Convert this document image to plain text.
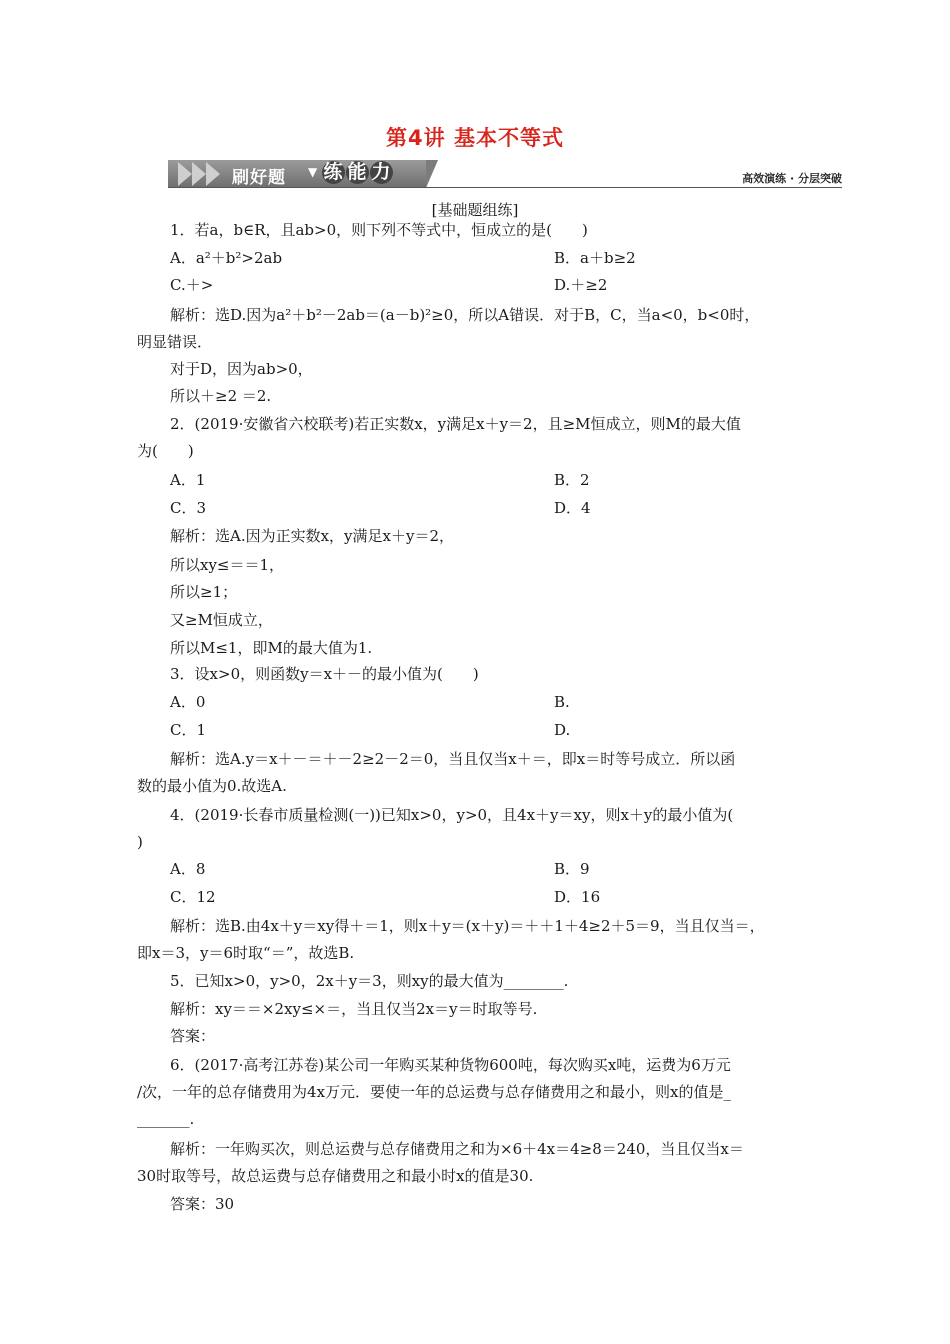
第4讲 基本不等式
刷好题 ▼ 练 能 力	高效演练 · 分层突破
[基础题组练]
1．若a，b∈R，且ab>0，则下列不等式中，恒成立的是(　　)
A．a²＋b²>2ab	B．a＋b≥2
C.＋>	D.＋≥2
解析：选D.因为a²＋b²－2ab＝(a－b)²≥0，所以A错误．对于B，C，当a<0，b<0时，
明显错误．
对于D，因为ab>0，
所以＋≥2 ＝2.
2．(2019·安徽省六校联考)若正实数x，y满足x＋y＝2，且≥M恒成立，则M的最大值
为(　　)
A．1	B．2
C．3	D．4
解析：选A.因为正实数x，y满足x＋y＝2，
所以xy≤＝＝1，
所以≥1；
又≥M恒成立，
所以M≤1，即M的最大值为1.
3．设x>0，则函数y＝x＋－的最小值为(　　)
A．0	B.
C．1	D.
解析：选A.y＝x＋－＝＋－2≥2－2＝0，当且仅当x＋＝，即x＝时等号成立．所以函
数的最小值为0.故选A.
4．(2019·长春市质量检测(一))已知x>0，y>0，且4x＋y＝xy，则x＋y的最小值为(
)
A．8	B．9
C．12	D．16
解析：选B.由4x＋y＝xy得＋＝1，则x＋y＝(x＋y)＝＋＋1＋4≥2＋5＝9，当且仅当＝，
即x＝3，y＝6时取“＝”，故选B.
5．已知x>0，y>0，2x＋y＝3，则xy的最大值为________.
解析：xy＝＝×2xy≤×＝，当且仅当2x＝y＝时取等号.
答案：
6．(2017·高考江苏卷)某公司一年购买某种货物600吨，每次购买x吨，运费为6万元
/次，一年的总存储费用为4x万元．要使一年的总运费与总存储费用之和最小，则x的值是_
_______.
解析：一年购买次，则总运费与总存储费用之和为×6＋4x＝4≥8＝240，当且仅当x＝
30时取等号，故总运费与总存储费用之和最小时x的值是30.
答案：30
